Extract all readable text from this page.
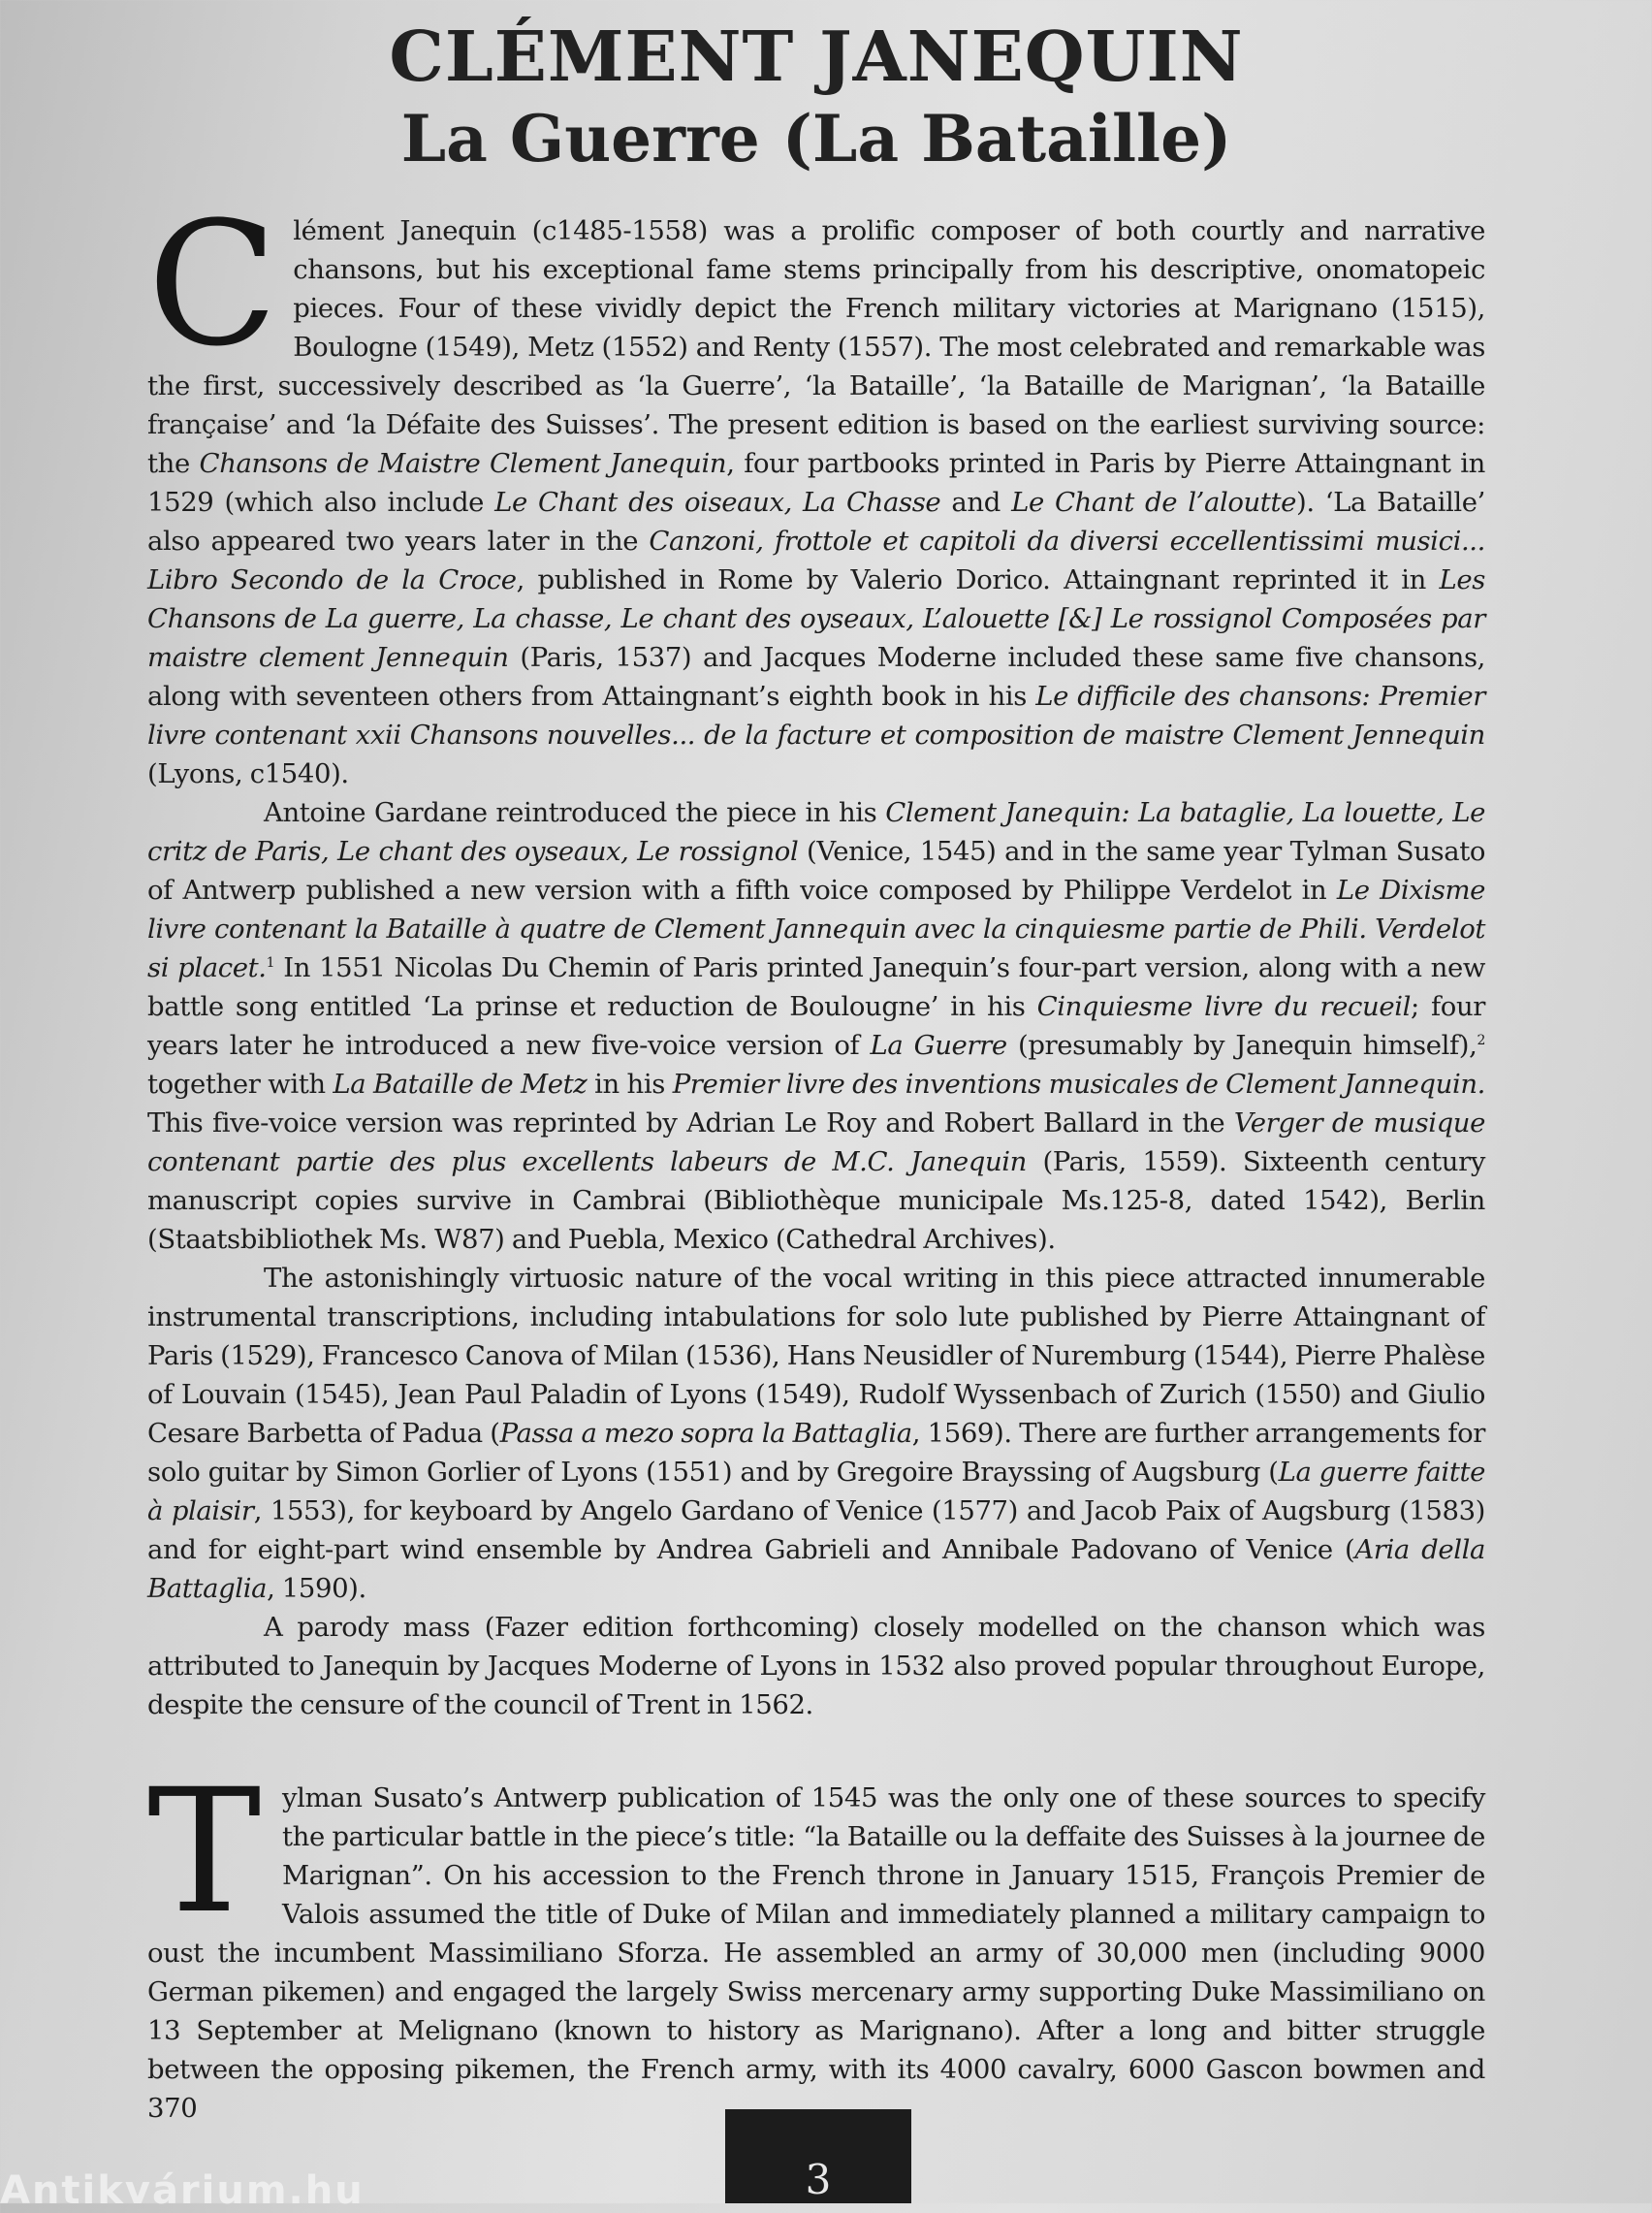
CLÉMENT JANEQUIN
La Guerre (La Bataille)
C lément Janequin (c1485-1558) was a prolific composer of both courtly and narrative chansons, but his exceptional fame stems principally from his descriptive, onomatopeic pieces. Four of these vividly depict the French military victories at Marignano (1515), Boulogne (1549), Metz (1552) and Renty (1557). The most celebrated and remarkable was the first, successively described as ‘la Guerre’, ‘la Bataille’, ‘la Bataille de Marignan’, ‘la Bataille française’ and ‘la Défaite des Suisses’. The present edition is based on the earliest surviving source: the Chansons de Maistre Clement Janequin, four partbooks printed in Paris by Pierre Attaingnant in 1529 (which also include Le Chant des oiseaux, La Chasse and Le Chant de l’aloutte). ‘La Bataille’ also appeared two years later in the Canzoni, frottole et capitoli da diversi eccellentissimi musici... Libro Secondo de la Croce, published in Rome by Valerio Dorico. Attaingnant reprinted it in Les Chansons de La guerre, La chasse, Le chant des oyseaux, L’alouette [&] Le rossignol Composées par maistre clement Jennequin (Paris, 1537) and Jacques Moderne included these same five chansons, along with seventeen others from Attaingnant’s eighth book in his Le difficile des chansons: Premier livre contenant xxii Chansons nouvelles... de la facture et composition de maistre Clement Jennequin (Lyons, c1540).

Antoine Gardane reintroduced the piece in his Clement Janequin: La bataglie, La louette, Le critz de Paris, Le chant des oyseaux, Le rossignol (Venice, 1545) and in the same year Tylman Susato of Antwerp published a new version with a fifth voice composed by Philippe Verdelot in Le Dixisme livre contenant la Bataille à quatre de Clement Jannequin avec la cinquiesme partie de Phili. Verdelot si placet.$^1$ In 1551 Nicolas Du Chemin of Paris printed Janequin’s four-part version, along with a new battle song entitled ‘La prinse et reduction de Boulougne’ in his Cinquiesme livre du recueil; four years later he introduced a new five-voice version of La Guerre (presumably by Janequin himself),$^2$ together with La Bataille de Metz in his Premier livre des inventions musicales de Clement Jannequin. This five-voice version was reprinted by Adrian Le Roy and Robert Ballard in the Verger de musique contenant partie des plus excellents labeurs de M.C. Janequin (Paris, 1559). Sixteenth century manuscript copies survive in Cambrai (Bibliothèque municipale Ms.125-8, dated 1542), Berlin (Staatsbibliothek Ms. W87) and Puebla, Mexico (Cathedral Archives).

The astonishingly virtuosic nature of the vocal writing in this piece attracted innumerable instrumental transcriptions, including intabulations for solo lute published by Pierre Attaingnant of Paris (1529), Francesco Canova of Milan (1536), Hans Neusidler of Nuremburg (1544), Pierre Phalèse of Louvain (1545), Jean Paul Paladin of Lyons (1549), Rudolf Wyssenbach of Zurich (1550) and Giulio Cesare Barbetta of Padua (Passa a mezo sopra la Battaglia, 1569). There are further arrangements for solo guitar by Simon Gorlier of Lyons (1551) and by Gregoire Brayssing of Augsburg (La guerre faitte à plaisir, 1553), for keyboard by Angelo Gardano of Venice (1577) and Jacob Paix of Augsburg (1583) and for eight-part wind ensemble by Andrea Gabrieli and Annibale Padovano of Venice (Aria della Battaglia, 1590).

A parody mass (Fazer edition forthcoming) closely modelled on the chanson which was attributed to Janequin by Jacques Moderne of Lyons in 1532 also proved popular throughout Europe, despite the censure of the council of Trent in 1562.

T ylman Susato’s Antwerp publication of 1545 was the only one of these sources to specify the particular battle in the piece’s title: “la Bataille ou la deffaite des Suisses à la journee de Marignan”. On his accession to the French throne in January 1515, François Premier de Valois assumed the title of Duke of Milan and immediately planned a military campaign to oust the incumbent Massimiliano Sforza. He assembled an army of 30,000 men (including 9000 German pikemen) and engaged the largely Swiss mercenary army supporting Duke Massimiliano on 13 September at Melignano (known to history as Marignano). After a long and bitter struggle between the opposing pikemen, the French army, with its 4000 cavalry, 6000 Gascon bowmen and 370

3
Antikvárium.hu
